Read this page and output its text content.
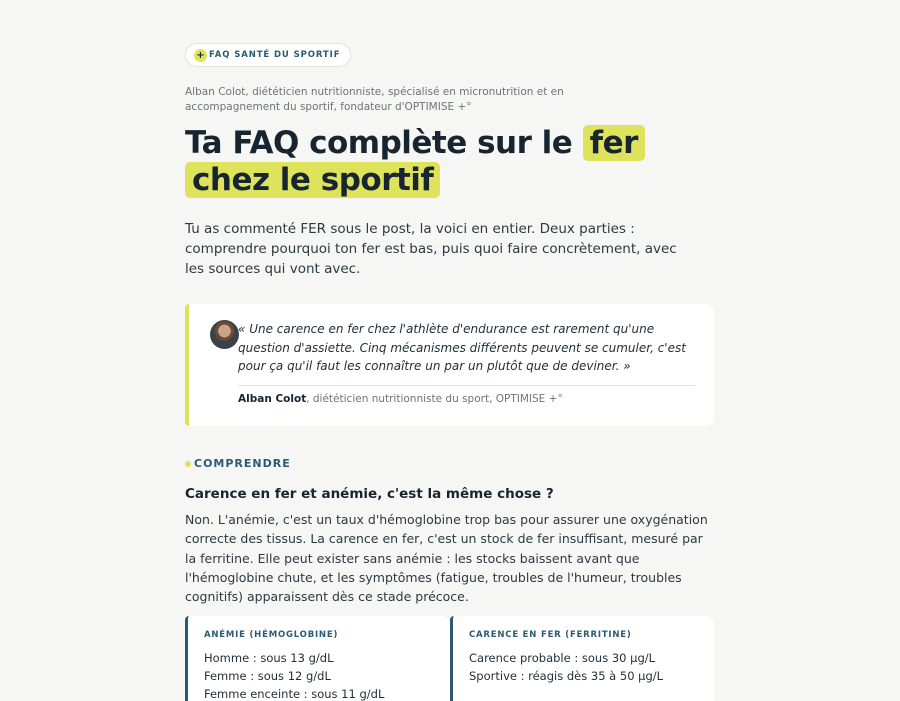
+ FAQ SANTÉ DU SPORTIF

Alban Colot, diététicien nutritionniste, spécialisé en micronutrition et en accompagnement du sportif, fondateur d'OPTIMISE +°

Ta FAQ complète sur le fer chez le sportif

Tu as commenté FER sous le post, la voici en entier. Deux parties : comprendre pourquoi ton fer est bas, puis quoi faire concrètement, avec les sources qui vont avec.

« Une carence en fer chez l'athlète d'endurance est rarement qu'une question d'assiette. Cinq mécanismes différents peuvent se cumuler, c'est pour ça qu'il faut les connaître un par un plutôt que de deviner. »

Alban Colot, diététicien nutritionniste du sport, OPTIMISE +°

COMPRENDRE
Carence en fer et anémie, c'est la même chose ?

Non. L'anémie, c'est un taux d'hémoglobine trop bas pour assurer une oxygénation correcte des tissus. La carence en fer, c'est un stock de fer insuffisant, mesuré par la ferritine. Elle peut exister sans anémie : les stocks baissent avant que l'hémoglobine chute, et les symptômes (fatigue, troubles de l'humeur, troubles cognitifs) apparaissent dès ce stade précoce.

ANÉMIE (HÉMOGLOBINE)
Homme : sous 13 g/dL
Femme : sous 12 g/dL
Femme enceinte : sous 11 g/dL
CARENCE EN FER (FERRITINE)
Carence probable : sous 30 µg/L
Sportive : réagis dès 35 à 50 µg/L
